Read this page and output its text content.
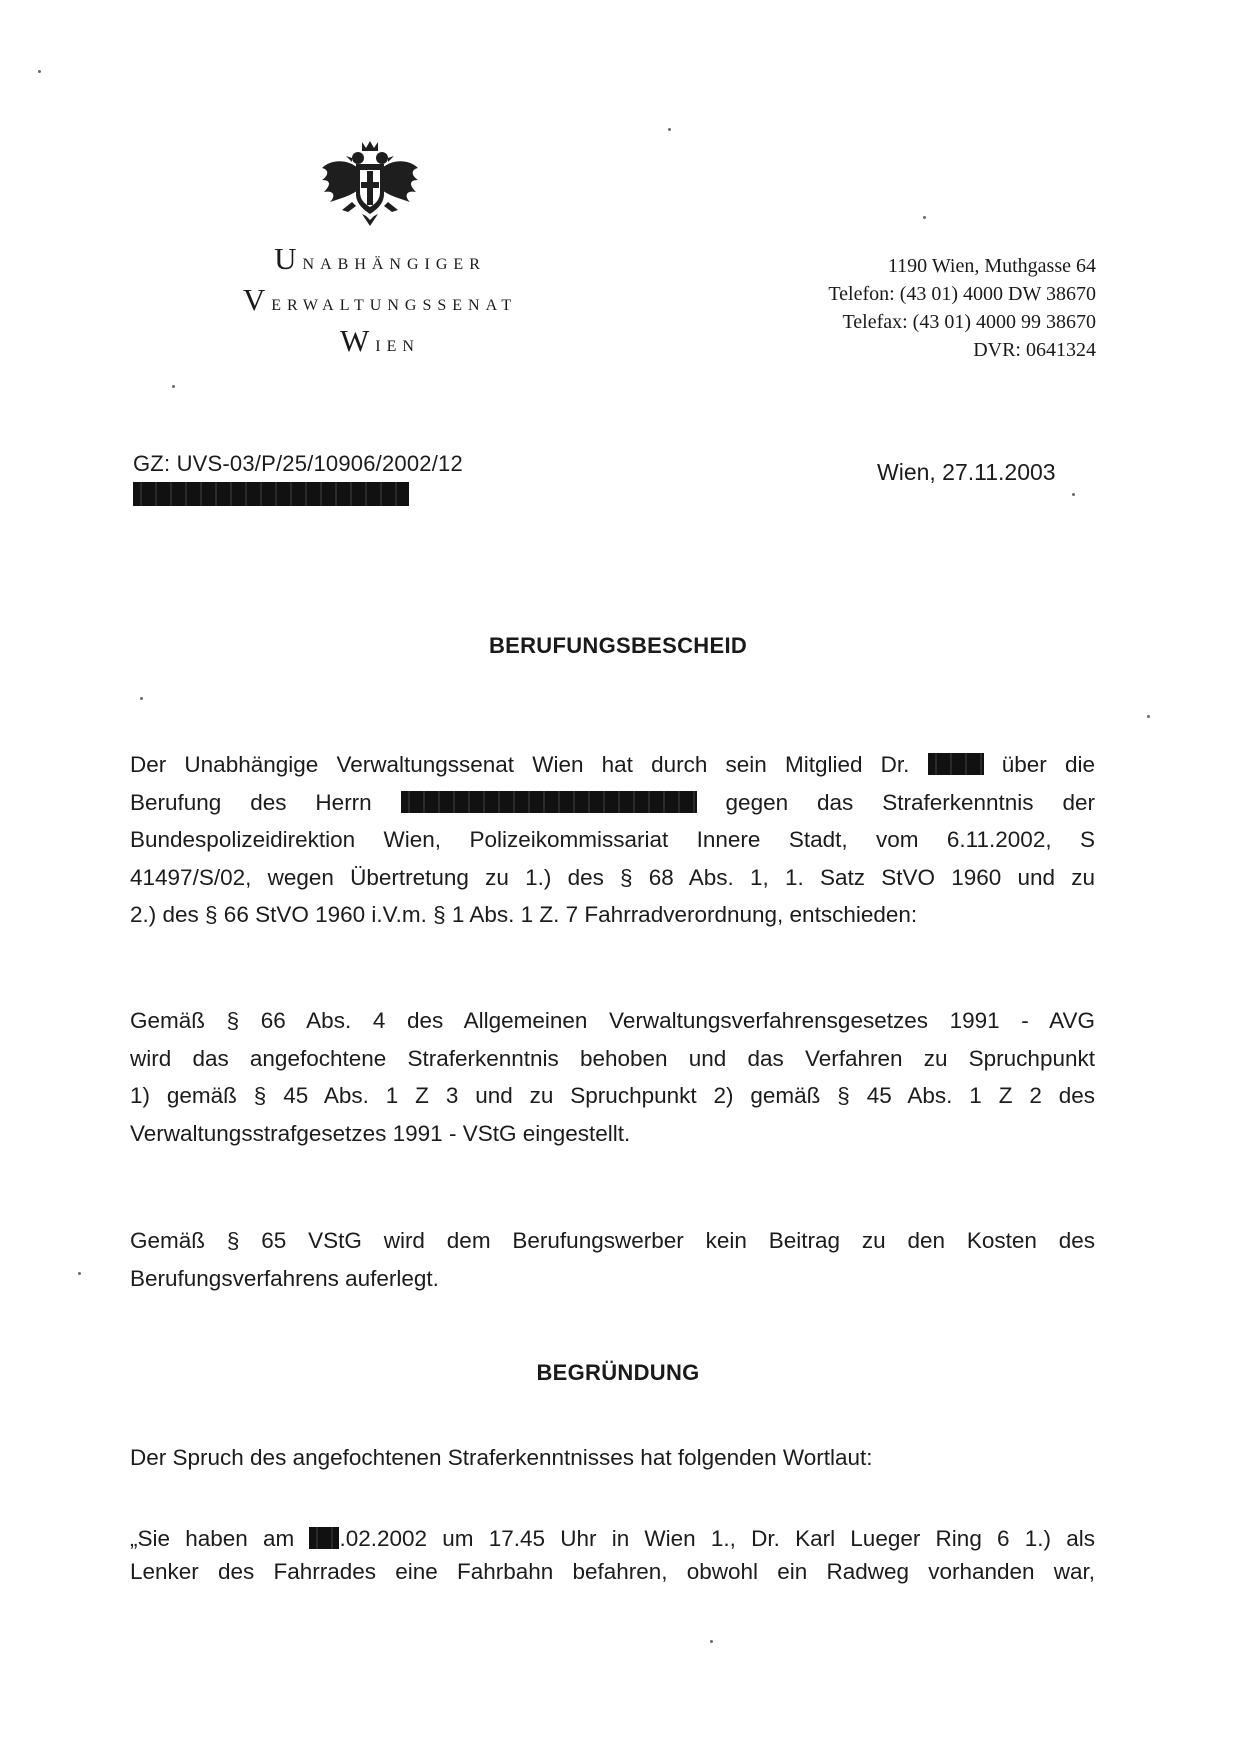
Unabhängiger
Verwaltungssenat
Wien
1190 Wien, Muthgasse 64
Telefon: (43 01) 4000 DW 38670
Telefax: (43 01) 4000 99 38670
DVR: 0641324
GZ: UVS-03/P/25/10906/2002/12	Wien, 27.11.2003
BERUFUNGSBESCHEID
Der Unabhängige Verwaltungssenat Wien hat durch sein Mitglied Dr.	über die
Berufung des Herrn	gegen das Straferkenntnis der
Bundespolizeidirektion Wien, Polizeikommissariat Innere Stadt, vom 6.11.2002, S
41497/S/02, wegen Übertretung zu 1.) des § 68 Abs. 1, 1. Satz StVO 1960 und zu
2.) des § 66 StVO 1960 i.V.m. § 1 Abs. 1 Z. 7 Fahrradverordnung, entschieden:
Gemäß § 66 Abs. 4 des Allgemeinen Verwaltungsverfahrensgesetzes 1991 - AVG
wird das angefochtene Straferkenntnis behoben und das Verfahren zu Spruchpunkt
1) gemäß § 45 Abs. 1 Z 3 und zu Spruchpunkt 2) gemäß § 45 Abs. 1 Z 2 des
Verwaltungsstrafgesetzes 1991 - VStG eingestellt.
Gemäß § 65 VStG wird dem Berufungswerber kein Beitrag zu den Kosten des
Berufungsverfahrens auferlegt.
BEGRÜNDUNG
Der Spruch des angefochtenen Straferkenntnisses hat folgenden Wortlaut:
„Sie haben am .02.2002 um 17.45 Uhr in Wien 1., Dr. Karl Lueger Ring 6 1.) als
Lenker des Fahrrades eine Fahrbahn befahren, obwohl ein Radweg vorhanden war,
